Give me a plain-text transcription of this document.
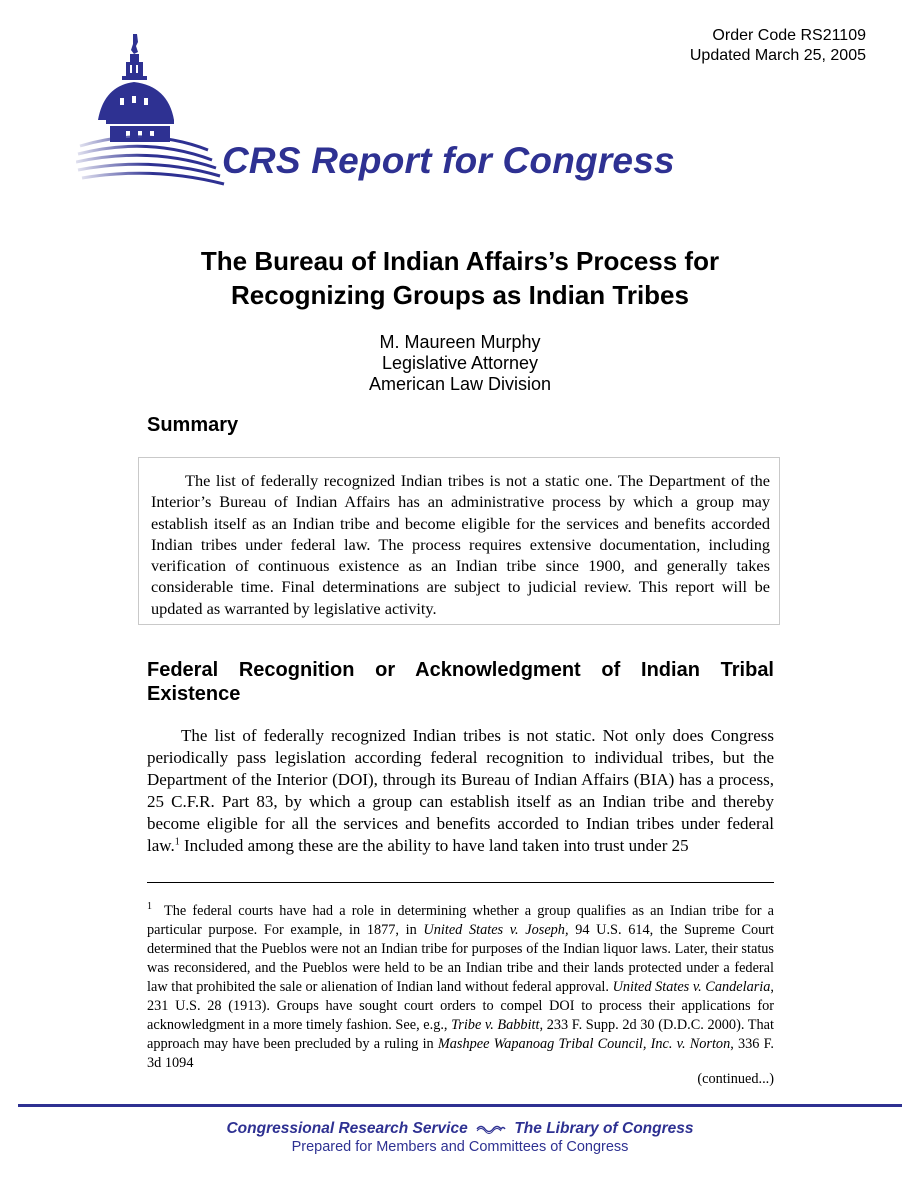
Order Code RS21109
Updated March 25, 2005
CRS Report for Congress
The Bureau of Indian Affairs’s Process for
Recognizing Groups as Indian Tribes
M. Maureen Murphy
Legislative Attorney
American Law Division
Summary
The list of federally recognized Indian tribes is not a static one. The Department of the Interior’s Bureau of Indian Affairs has an administrative process by which a group may establish itself as an Indian tribe and become eligible for the services and benefits accorded Indian tribes under federal law. The process requires extensive documentation, including verification of continuous existence as an Indian tribe since 1900, and generally takes considerable time. Final determinations are subject to judicial review. This report will be updated as warranted by legislative activity.
Federal Recognition or Acknowledgment of Indian Tribal Existence
The list of federally recognized Indian tribes is not static. Not only does Congress periodically pass legislation according federal recognition to individual tribes, but the Department of the Interior (DOI), through its Bureau of Indian Affairs (BIA) has a process, 25 C.F.R. Part 83, by which a group can establish itself as an Indian tribe and thereby become eligible for all the services and benefits accorded to Indian tribes under federal law.$^1$ Included among these are the ability to have land taken into trust under 25
$^1$ The federal courts have had a role in determining whether a group qualifies as an Indian tribe for a particular purpose. For example, in 1877, in United States v. Joseph, 94 U.S. 614, the Supreme Court determined that the Pueblos were not an Indian tribe for purposes of the Indian liquor laws. Later, their status was reconsidered, and the Pueblos were held to be an Indian tribe and their lands protected under a federal law that prohibited the sale or alienation of Indian land without federal approval. United States v. Candelaria, 231 U.S. 28 (1913). Groups have sought court orders to compel DOI to process their applications for acknowledgment in a more timely fashion. See, e.g., Tribe v. Babbitt, 233 F. Supp. 2d 30 (D.D.C. 2000). That approach may have been precluded by a ruling in Mashpee Wapanoag Tribal Council, Inc. v. Norton, 336 F. 3d 1094
(continued...)
Congressional Research Service	The Library of Congress
Prepared for Members and Committees of Congress
